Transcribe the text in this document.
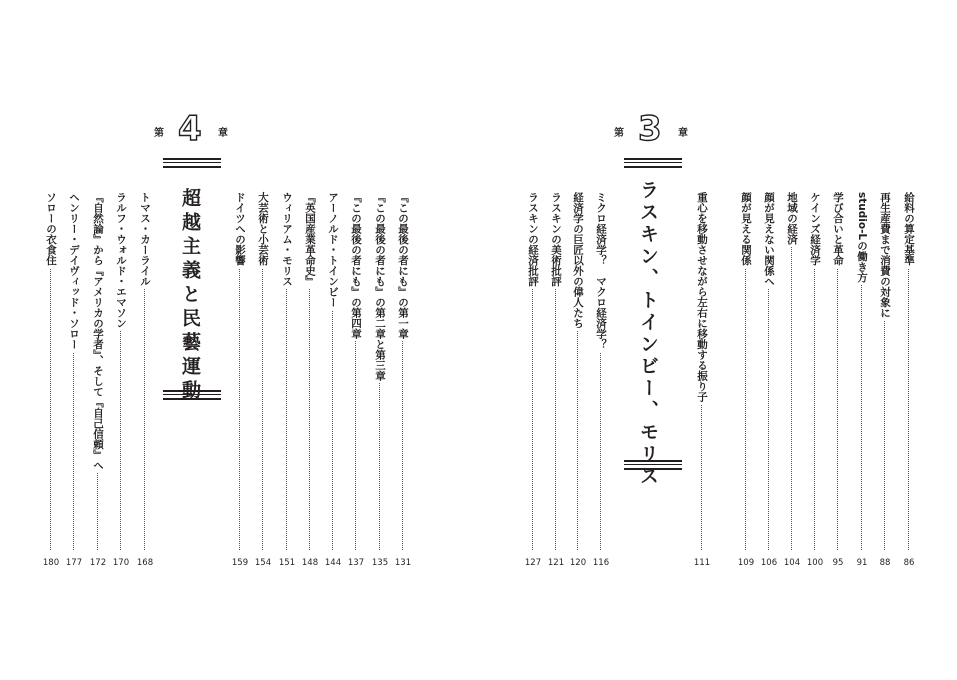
第 4 章
超越主義と民藝運動	『この最後の者にも』の第一章
131
『この最後の者にも』の第二章と第三章
135
『この最後の者にも』の第四章
137
アーノルド・トインビー
144
『英国産業革命史』
148
ウィリアム・モリス
151
大芸術と小芸術
154
ドイツへの影響
159
トマス・カーライル
168
ラルフ・ウォルド・エマソン
170
『自然論』から『アメリカの学者』、そして『自己信頼』へ
172
ヘンリー・デイヴィッド・ソロー
177
ソローの衣食住
180
第 3 章
ラスキン、トインビー、モリス	給料の算定基準
86
再生産費まで消費の対象に
88
studio-Lの働き方
91
学び合いと革命
95
ケインズ経済学
100
地域の経済
104
顔が見えない関係へ
106
顔が見える関係
109
重心を移動させながら左右に移動する振り子
111
ミクロ経済学？　マクロ経済学？
116
経済学の巨匠以外の偉人たち
120
ラスキンの美術批評
121
ラスキンの経済批評
127
